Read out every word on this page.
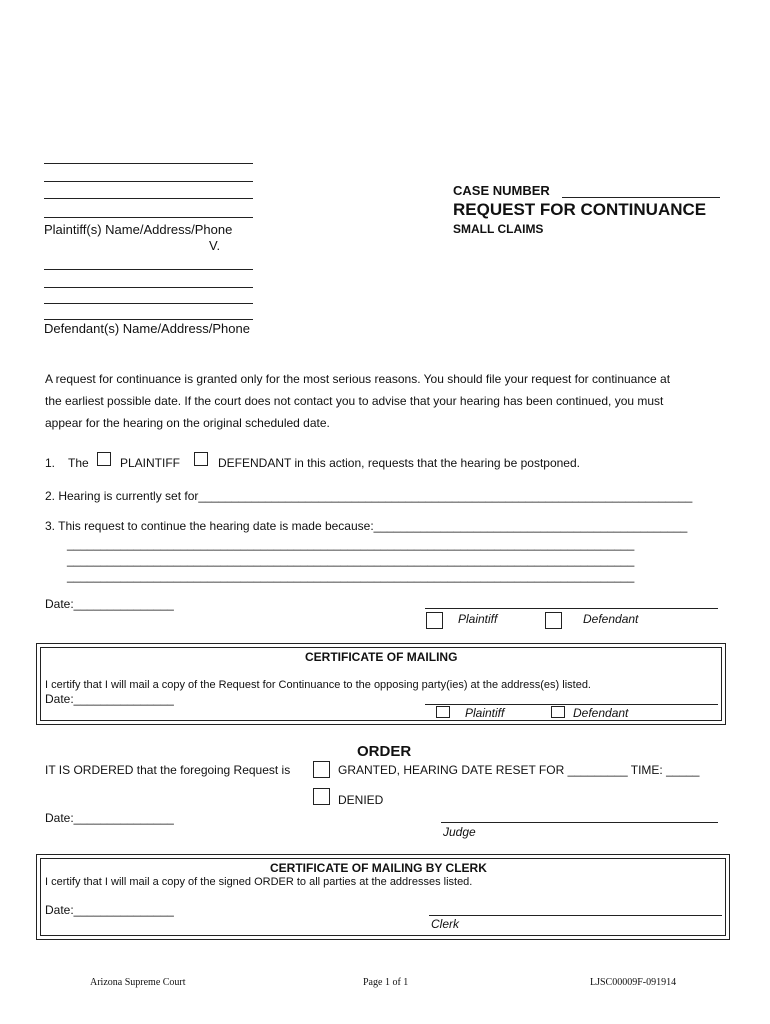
Plaintiff(s) Name/Address/Phone
V.
Defendant(s) Name/Address/Phone
CASE NUMBER
REQUEST FOR CONTINUANCE
SMALL CLAIMS
A request for continuance is granted only for the most serious reasons. You should file your request for continuance at
the earliest possible date. If the court does not contact you to advise that your hearing has been continued, you must
appear for the hearing on the original scheduled date.
1. The	PLAINTIFF	DEFENDANT in this action, requests that the hearing be postponed.
2. Hearing is currently set for__________________________________________________________________________
3. This request to continue the hearing date is made because:_______________________________________________
_____________________________________________________________________________________
_____________________________________________________________________________________
_____________________________________________________________________________________
Date:_______________
Plaintiff	Defendant
CERTIFICATE OF MAILING
I certify that I will mail a copy of the Request for Continuance to the opposing party(ies) at the address(es) listed.
Date:_______________
Plaintiff	Defendant
ORDER
IT IS ORDERED that the foregoing Request is	GRANTED, HEARING DATE RESET FOR _________ TIME: _____
DENIED
Date:_______________
Judge
CERTIFICATE OF MAILING BY CLERK
I certify that I will mail a copy of the signed ORDER to all parties at the addresses listed.
Date:_______________
Clerk
Arizona Supreme Court	Page 1 of 1	LJSC00009F-091914
